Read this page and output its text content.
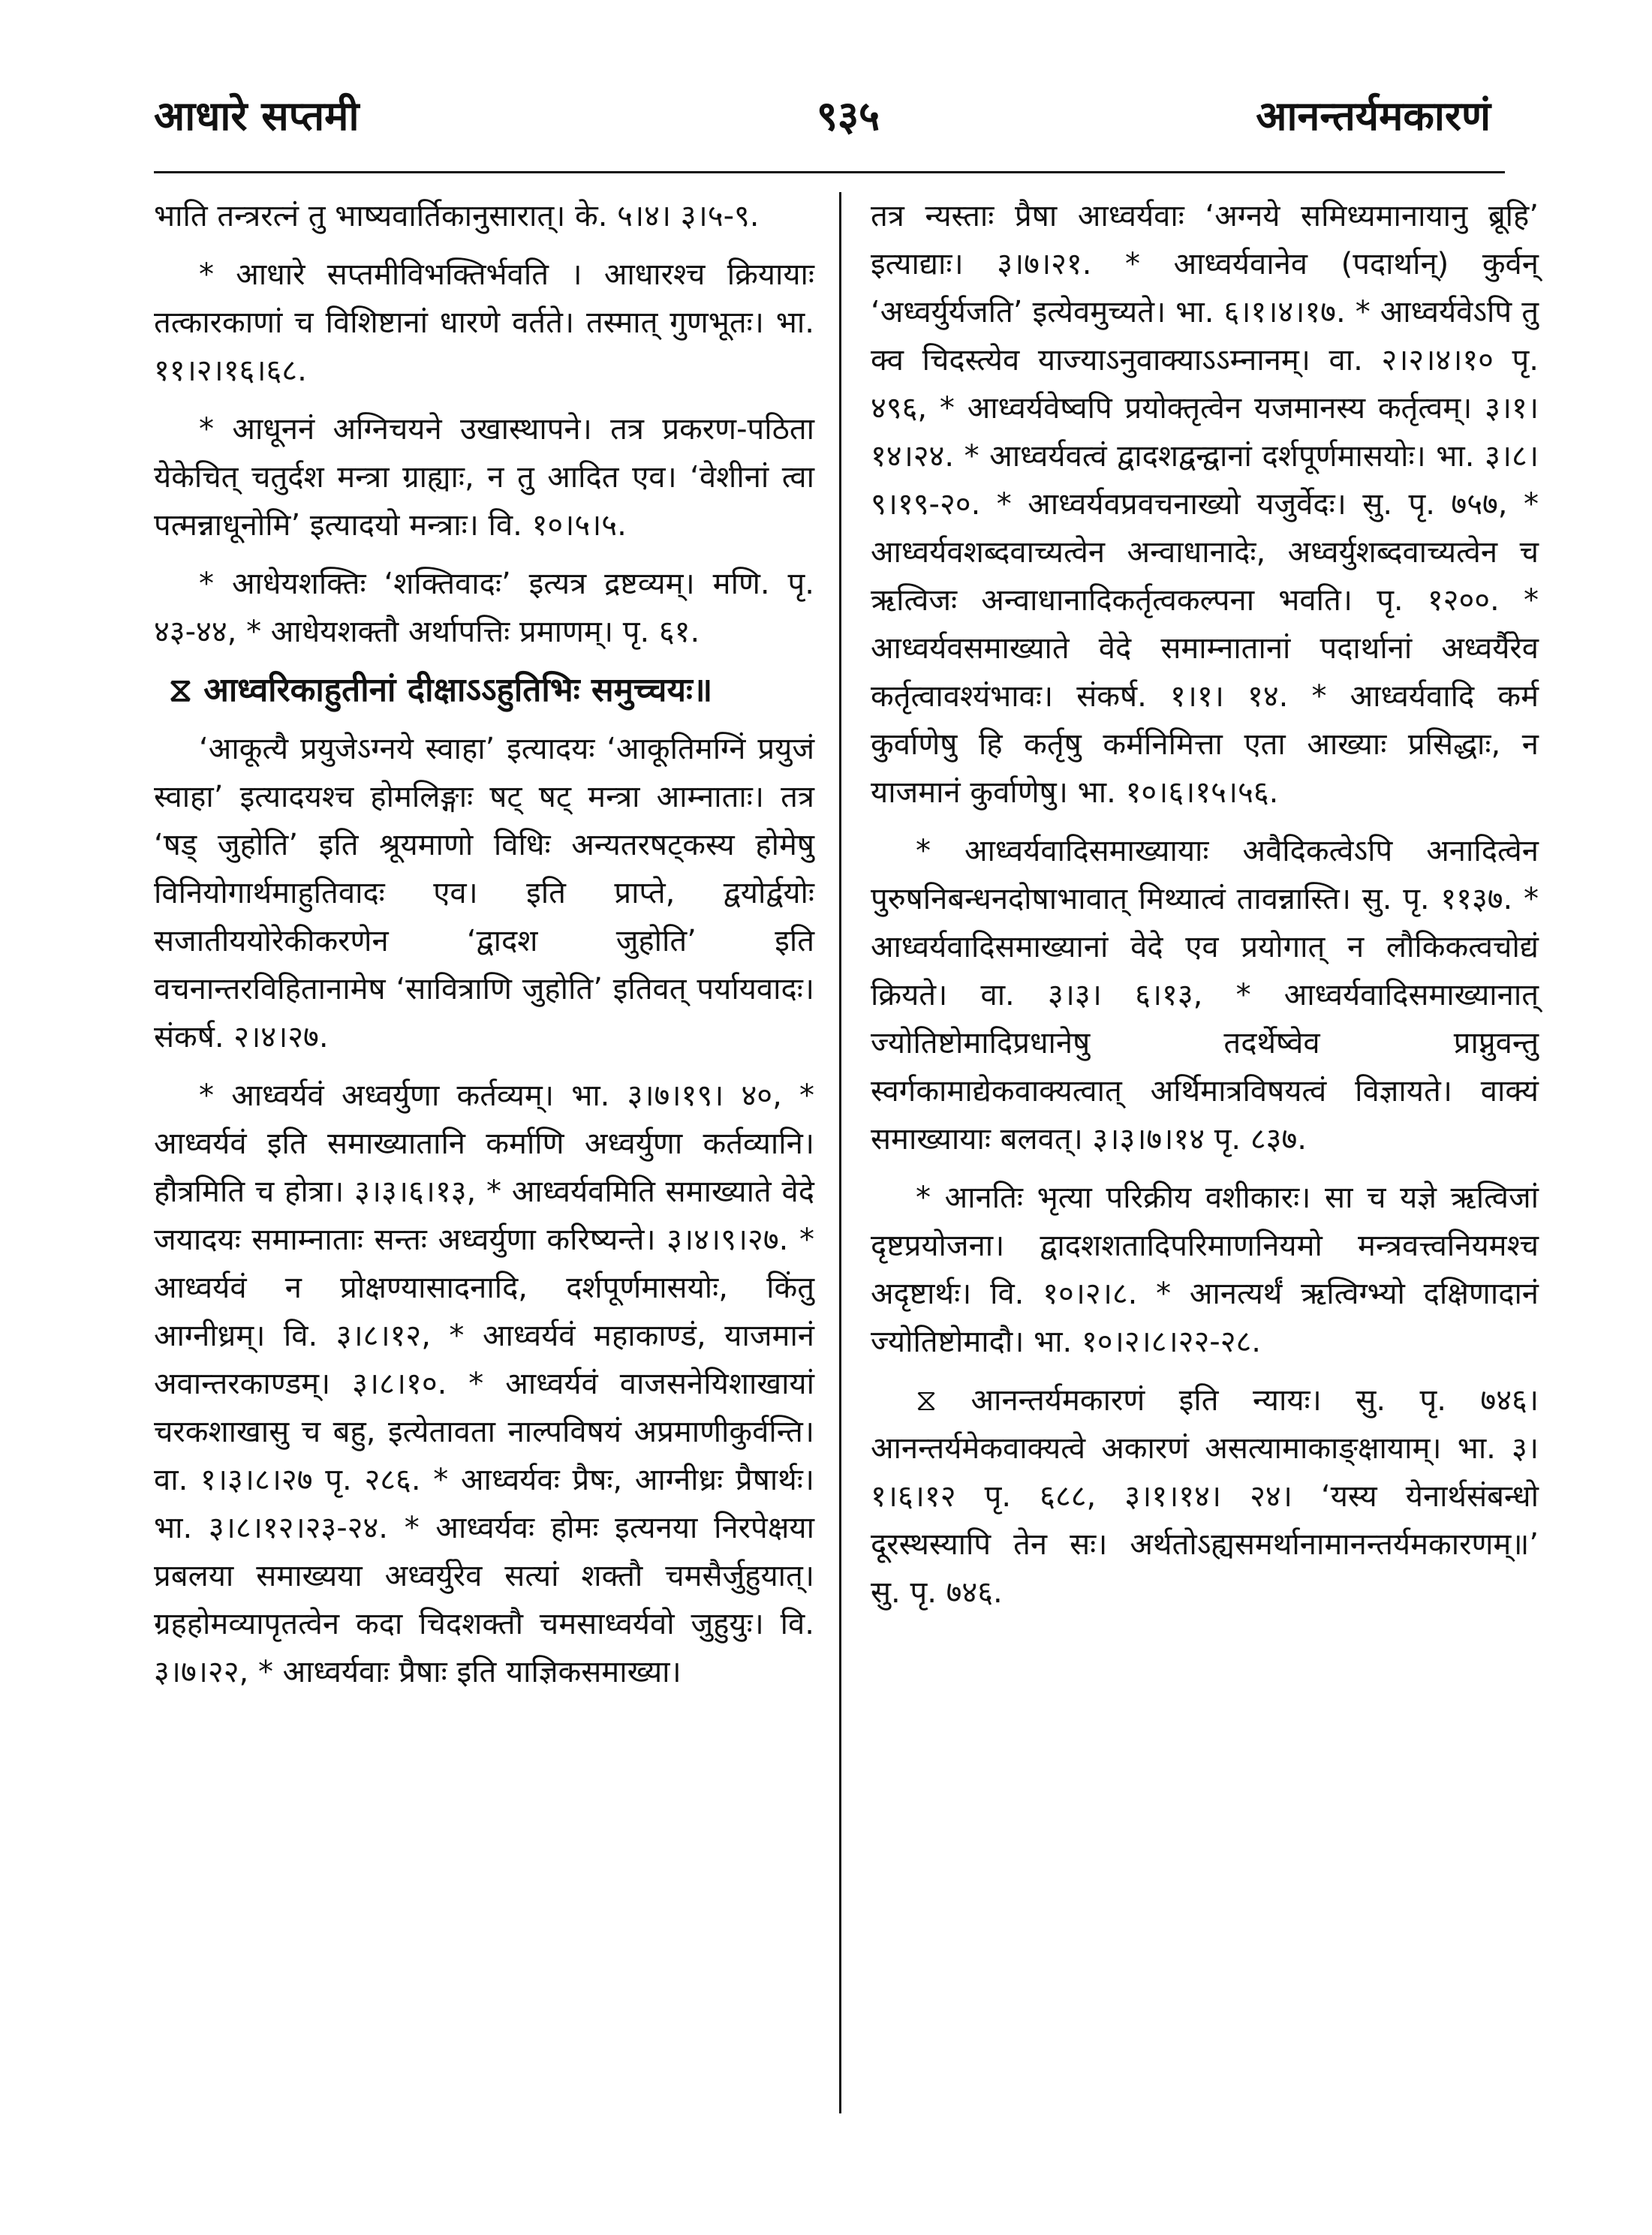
आधारे सप्तमी	९३५	आनन्तर्यमकारणं

भाति तन्त्ररत्नं तु भाष्यवार्तिकानुसारात्। के. ५।४। ३।५-९.

* आधारे सप्तमीविभक्तिर्भवति । आधारश्च क्रियायाः तत्कारकाणां च विशिष्टानां धारणे वर्तते। तस्मात् गुणभूतः। भा. ११।२।१६।६८.

* आधूननं अग्निचयने उखास्थापने। तत्र प्रकरण-पठिता येकेचित् चतुर्दश मन्त्रा ग्राह्याः, न तु आदित एव। ‘वेशीनां त्वा पत्मन्नाधूनोमि’ इत्यादयो मन्त्राः। वि. १०।५।५.

* आधेयशक्तिः ‘शक्तिवादः’ इत्यत्र द्रष्टव्यम्। मणि. पृ. ४३-४४, * आधेयशक्तौ अर्थापत्तिः प्रमाणम्। पृ. ६१.

⧖ आध्वरिकाहुतीनां दीक्षाऽऽहुतिभिः समुच्चयः॥

‘आकूत्यै प्रयुजेऽग्नये स्वाहा’ इत्यादयः ‘आकूतिमग्निं प्रयुजं स्वाहा’ इत्यादयश्च होमलिङ्गाः षट् षट् मन्त्रा आम्नाताः। तत्र ‘षड् जुहोति’ इति श्रूयमाणो विधिः अन्यतरषट्कस्य होमेषु विनियोगार्थमाहुतिवादः एव। इति प्राप्ते, द्वयोर्द्वयोः सजातीययोरेकीकरणेन ‘द्वादश जुहोति’ इति वचनान्तरविहितानामेष ‘सावित्राणि जुहोति’ इतिवत् पर्यायवादः। संकर्ष. २।४।२७.

* आध्वर्यवं अध्वर्युणा कर्तव्यम्। भा. ३।७।१९। ४०, * आध्वर्यवं इति समाख्यातानि कर्माणि अध्वर्युणा कर्तव्यानि। हौत्रमिति च होत्रा। ३।३।६।१३, * आध्वर्यवमिति समाख्याते वेदे जयादयः समाम्नाताः सन्तः अध्वर्युणा करिष्यन्ते। ३।४।९।२७. * आध्वर्यवं न प्रोक्षण्यासादनादि, दर्शपूर्णमासयोः, किंतु आग्नीध्रम्। वि. ३।८।१२, * आध्वर्यवं महाकाण्डं, याजमानं अवान्तरकाण्डम्। ३।८।१०. * आध्वर्यवं वाजसनेयिशाखायां चरकशाखासु च बहु, इत्येतावता नाल्पविषयं अप्रमाणीकुर्वन्ति। वा. १।३।८।२७ पृ. २८६. * आध्वर्यवः प्रैषः, आग्नीध्रः प्रैषार्थः। भा. ३।८।१२।२३-२४. * आध्वर्यवः होमः इत्यनया निरपेक्षया प्रबलया समाख्यया अध्वर्युरेव सत्यां शक्तौ चमसैर्जुहुयात्। ग्रहहोमव्यापृतत्वेन कदा चिदशक्तौ चमसाध्वर्यवो जुहुयुः। वि. ३।७।२२, * आध्वर्यवाः प्रैषाः इति याज्ञिकसमाख्या।

तत्र न्यस्ताः प्रैषा आध्वर्यवाः ‘अग्नये समिध्यमानायानु ब्रूहि’ इत्याद्याः। ३।७।२१. * आध्वर्यवानेव (पदार्थान्) कुर्वन् ‘अध्वर्युर्यजति’ इत्येवमुच्यते। भा. ६।१।४।१७. * आध्वर्यवेऽपि तु क्व चिदस्त्येव याज्याऽनुवाक्याऽऽम्नानम्। वा. २।२।४।१० पृ. ४९६, * आध्वर्यवेष्वपि प्रयोक्तृत्वेन यजमानस्य कर्तृत्वम्। ३।१।१४।२४. * आध्वर्यवत्वं द्वादशद्वन्द्वानां दर्शपूर्णमासयोः। भा. ३।८।९।१९-२०. * आध्वर्यवप्रवचनाख्यो यजुर्वेदः। सु. पृ. ७५७, * आध्वर्यवशब्दवाच्यत्वेन अन्वाधानादेः, अध्वर्युशब्दवाच्यत्वेन च ऋत्विजः अन्वाधानादिकर्तृत्वकल्पना भवति। पृ. १२००. * आध्वर्यवसमाख्याते वेदे समाम्नातानां पदार्थानां अध्वर्यैरेव कर्तृत्वावश्यंभावः। संकर्ष. १।१। १४. * आध्वर्यवादि कर्म कुर्वाणेषु हि कर्तृषु कर्मनिमित्ता एता आख्याः प्रसिद्धाः, न याजमानं कुर्वाणेषु। भा. १०।६।१५।५६.

* आध्वर्यवादिसमाख्यायाः अवैदिकत्वेऽपि अनादित्वेन पुरुषनिबन्धनदोषाभावात् मिथ्यात्वं तावन्नास्ति। सु. पृ. ११३७. * आध्वर्यवादिसमाख्यानां वेदे एव प्रयोगात् न लौकिकत्वचोद्यं क्रियते। वा. ३।३। ६।१३, * आध्वर्यवादिसमाख्यानात् ज्योतिष्टोमादिप्रधानेषु तदर्थेष्वेव प्राप्नुवन्तु स्वर्गकामाद्येकवाक्यत्वात् अर्थिमात्रविषयत्वं विज्ञायते। वाक्यं समाख्यायाः बलवत्। ३।३।७।१४ पृ. ८३७.

* आनतिः भृत्या परिक्रीय वशीकारः। सा च यज्ञे ऋत्विजां दृष्टप्रयोजना। द्वादशशतादिपरिमाणनियमो मन्त्रवत्त्वनियमश्च अदृष्टार्थः। वि. १०।२।८. * आनत्यर्थं ऋत्विग्भ्यो दक्षिणादानं ज्योतिष्टोमादौ। भा. १०।२।८।२२-२८.

⧖ आनन्तर्यमकारणं इति न्यायः। सु. पृ. ७४६। आनन्तर्यमेकवाक्यत्वे अकारणं असत्यामाकाङ्क्षायाम्। भा. ३।१।६।१२ पृ. ६८८, ३।१।१४। २४। ‘यस्य येनार्थसंबन्धो दूरस्थस्यापि तेन सः। अर्थतोऽह्यसमर्थानामानन्तर्यमकारणम्॥’ सु. पृ. ७४६.
